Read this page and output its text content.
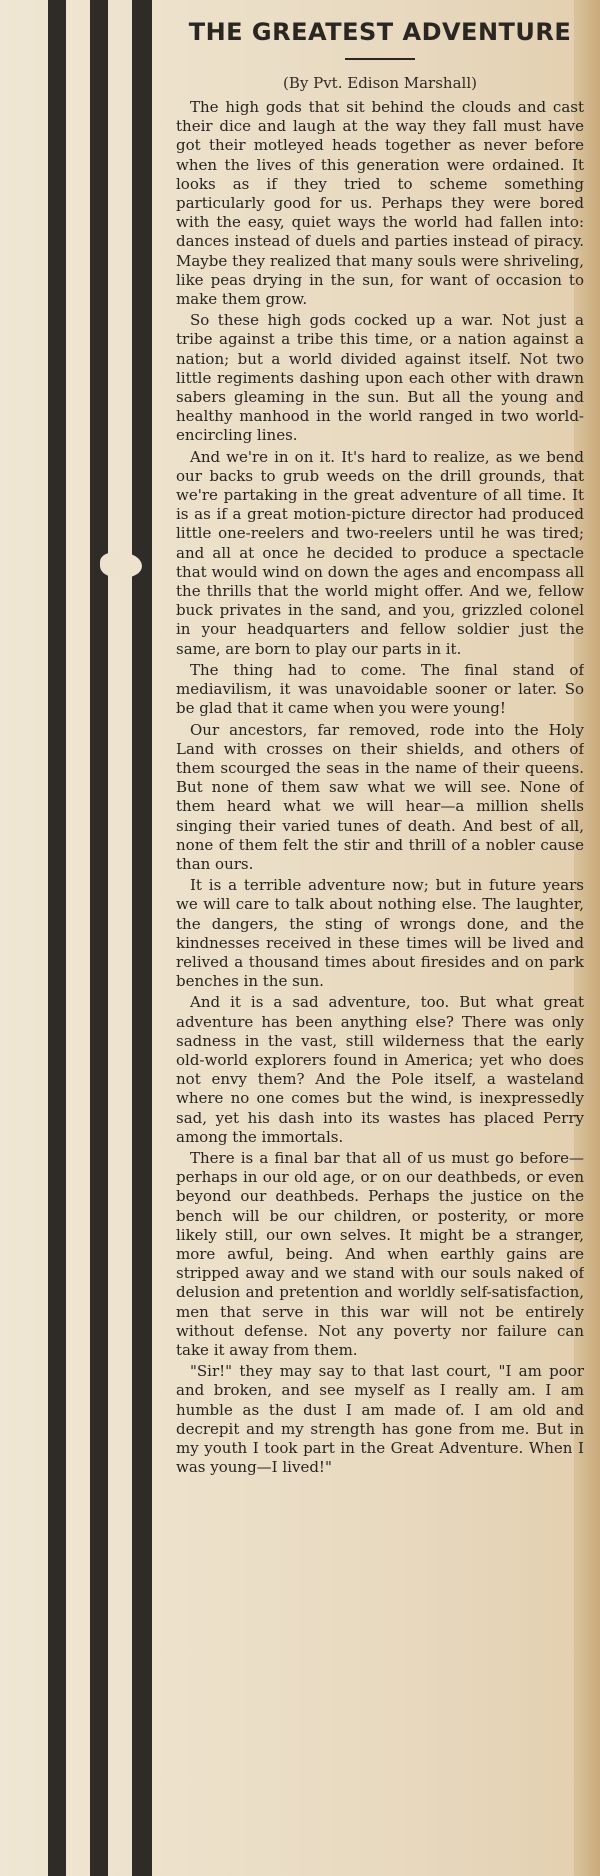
THE GREATEST ADVENTURE

(By Pvt. Edison Marshall)

The high gods that sit behind the clouds and cast their dice and laugh at the way they fall must have got their motleyed heads together as never before when the lives of this generation were ordained. It looks as if they tried to scheme something particularly good for us. Perhaps they were bored with the easy, quiet ways the world had fallen into: dances instead of duels and parties instead of piracy. Maybe they realized that many souls were shriveling, like peas drying in the sun, for want of occasion to make them grow.

So these high gods cocked up a war. Not just a tribe against a tribe this time, or a nation against a nation; but a world divided against itself. Not two little regiments dashing upon each other with drawn sabers gleaming in the sun. But all the young and healthy manhood in the world ranged in two world-encircling lines.

And we're in on it. It's hard to realize, as we bend our backs to grub weeds on the drill grounds, that we're partaking in the great adventure of all time. It is as if a great motion-picture director had produced little one-reelers and two-reelers until he was tired; and all at once he decided to produce a spectacle that would wind on down the ages and encompass all the thrills that the world might offer. And we, fellow buck privates in the sand, and you, grizzled colonel in your headquarters and fellow soldier just the same, are born to play our parts in it.

The thing had to come. The final stand of mediavilism, it was unavoidable sooner or later. So be glad that it came when you were young!

Our ancestors, far removed, rode into the Holy Land with crosses on their shields, and others of them scourged the seas in the name of their queens. But none of them saw what we will see. None of them heard what we will hear—a million shells singing their varied tunes of death. And best of all, none of them felt the stir and thrill of a nobler cause than ours.

It is a terrible adventure now; but in future years we will care to talk about nothing else. The laughter, the dangers, the sting of wrongs done, and the kindnesses received in these times will be lived and relived a thousand times about firesides and on park benches in the sun.

And it is a sad adventure, too. But what great adventure has been anything else? There was only sadness in the vast, still wilderness that the early old-world explorers found in America; yet who does not envy them? And the Pole itself, a wasteland where no one comes but the wind, is inexpressedly sad, yet his dash into its wastes has placed Perry among the immortals.

There is a final bar that all of us must go before—perhaps in our old age, or on our deathbeds, or even beyond our deathbeds. Perhaps the justice on the bench will be our children, or posterity, or more likely still, our own selves. It might be a stranger, more awful, being. And when earthly gains are stripped away and we stand with our souls naked of delusion and pretention and worldly self-satisfaction, men that serve in this war will not be entirely without defense. Not any poverty nor failure can take it away from them.

"Sir!" they may say to that last court, "I am poor and broken, and see myself as I really am. I am humble as the dust I am made of. I am old and decrepit and my strength has gone from me. But in my youth I took part in the Great Adventure. When I was young—I lived!"
